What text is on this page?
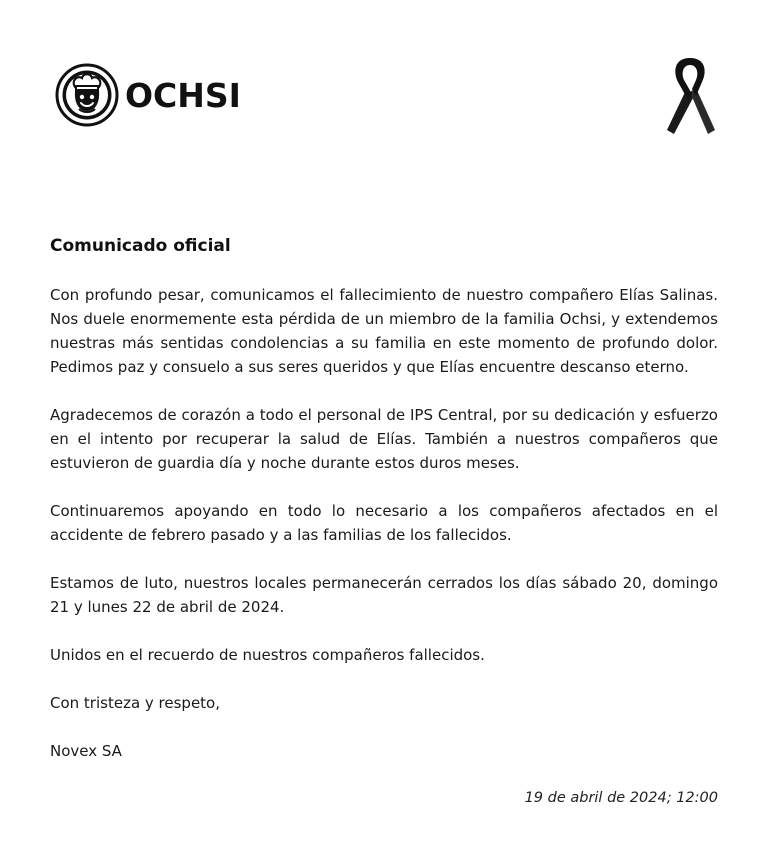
OCHSI
Comunicado oficial

Con profundo pesar, comunicamos el fallecimiento de nuestro compañero Elías Salinas. Nos duele enormemente esta pérdida de un miembro de la familia Ochsi, y extendemos nuestras más sentidas condolencias a su familia en este momento de profundo dolor. Pedimos paz y consuelo a sus seres queridos y que Elías encuentre descanso eterno.

Agradecemos de corazón a todo el personal de IPS Central, por su dedicación y esfuerzo en el intento por recuperar la salud de Elías. También a nuestros compañeros que estuvieron de guardia día y noche durante estos duros meses.

Continuaremos apoyando en todo lo necesario a los compañeros afectados en el accidente de febrero pasado y a las familias de los fallecidos.

Estamos de luto, nuestros locales permanecerán cerrados los días sábado 20, domingo 21 y lunes 22 de abril de 2024.

Unidos en el recuerdo de nuestros compañeros fallecidos.

Con tristeza y respeto,

Novex SA

19 de abril de 2024; 12:00
